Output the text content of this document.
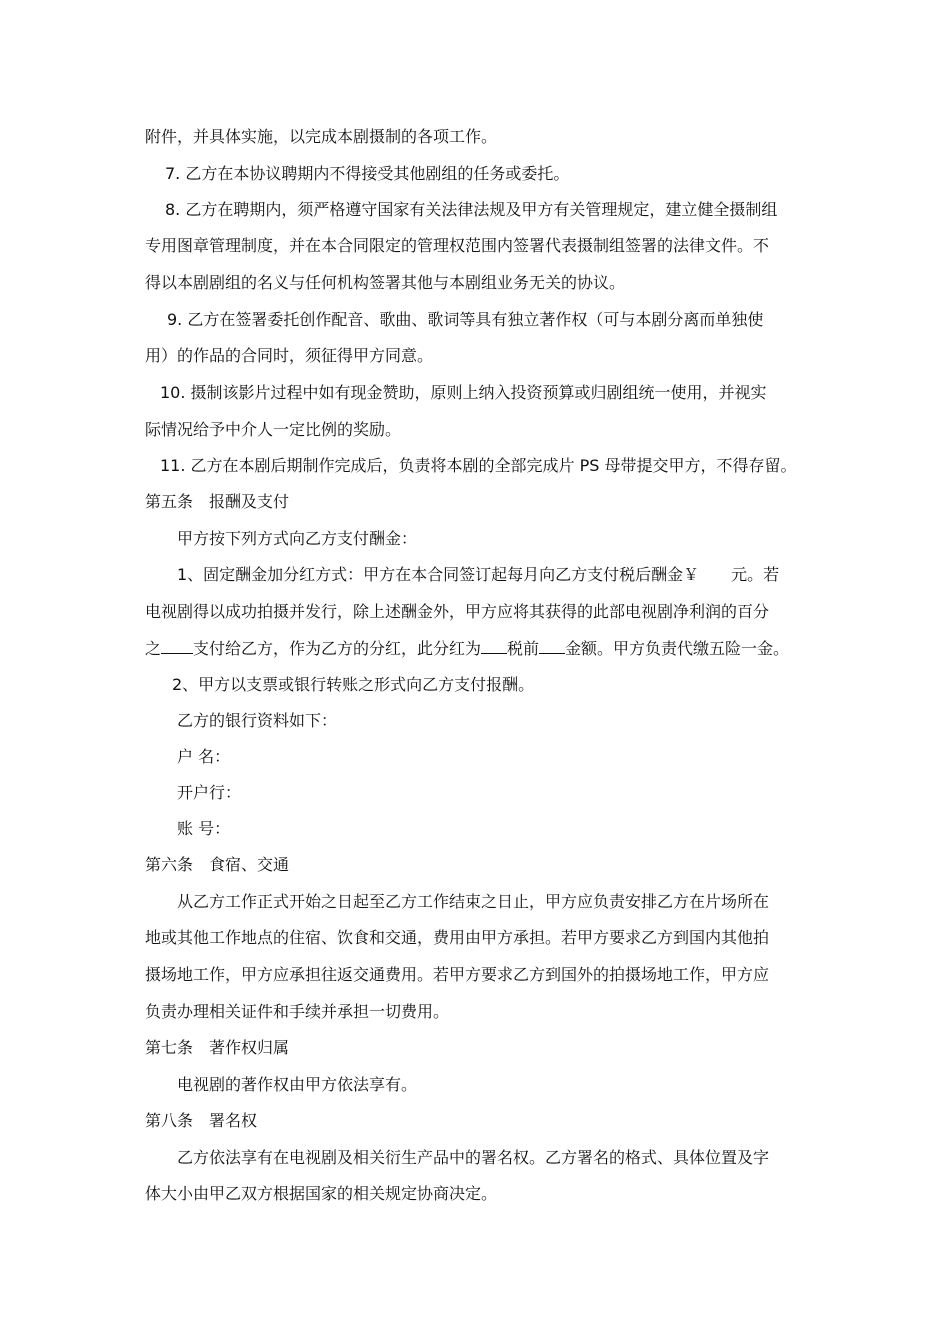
附件，并具体实施，以完成本剧摄制的各项工作。
7. 乙方在本协议聘期内不得接受其他剧组的任务或委托。
8. 乙方在聘期内，须严格遵守国家有关法律法规及甲方有关管理规定，建立健全摄制组
专用图章管理制度，并在本合同限定的管理权范围内签署代表摄制组签署的法律文件。不
得以本剧剧组的名义与任何机构签署其他与本剧组业务无关的协议。
9. 乙方在签署委托创作配音、歌曲、歌词等具有独立著作权（可与本剧分离而单独使
用）的作品的合同时，须征得甲方同意。
10. 摄制该影片过程中如有现金赞助，原则上纳入投资预算或归剧组统一使用，并视实
际情况给予中介人一定比例的奖励。
11. 乙方在本剧后期制作完成后，负责将本剧的全部完成片 PS 母带提交甲方，不得存留。
第五条　报酬及支付
甲方按下列方式向乙方支付酬金：
1、固定酬金加分红方式：甲方在本合同签订起每月向乙方支付税后酬金￥　　元。若
电视剧得以成功拍摄并发行，除上述酬金外，甲方应将其获得的此部电视剧净利润的百分
之 支付给乙方，作为乙方的分红，此分红为 税前 金额。甲方负责代缴五险一金。
2、甲方以支票或银行转账之形式向乙方支付报酬。
乙方的银行资料如下：
户 名：
开户行：
账 号：
第六条　食宿、交通
从乙方工作正式开始之日起至乙方工作结束之日止，甲方应负责安排乙方在片场所在
地或其他工作地点的住宿、饮食和交通，费用由甲方承担。若甲方要求乙方到国内其他拍
摄场地工作，甲方应承担往返交通费用。若甲方要求乙方到国外的拍摄场地工作，甲方应
负责办理相关证件和手续并承担一切费用。
第七条　著作权归属
电视剧的著作权由甲方依法享有。
第八条　署名权
乙方依法享有在电视剧及相关衍生产品中的署名权。乙方署名的格式、具体位置及字
体大小由甲乙双方根据国家的相关规定协商决定。
